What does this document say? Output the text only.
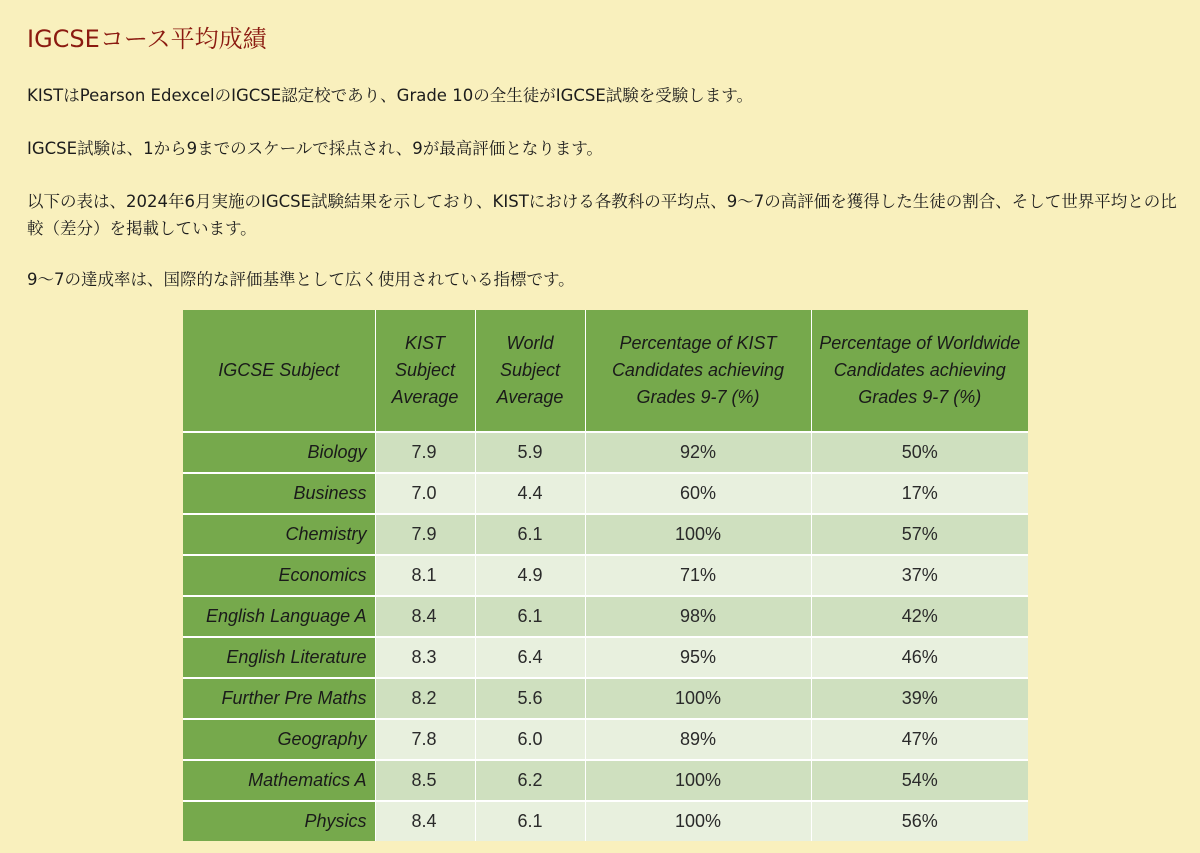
IGCSEコース平均成績

KISTはPearson EdexcelのIGCSE認定校であり、Grade 10の全生徒がIGCSE試験を受験します。

IGCSE試験は、1から9までのスケールで採点され、9が最高評価となります。

以下の表は、2024年6月実施のIGCSE試験結果を示しており、KISTにおける各教科の平均点、9〜7の高評価を獲得した生徒の割合、そして世界平均との比較（差分）を掲載しています。

9〜7の達成率は、国際的な評価基準として広く使用されている指標です。

IGCSE Subject	KIST Subject Average	World Subject Average	Percentage of KIST Candidates achieving Grades 9-7 (%)	Percentage of Worldwide Candidates achieving Grades 9-7 (%)
Biology	7.9	5.9	92%	50%
Business	7.0	4.4	60%	17%
Chemistry	7.9	6.1	100%	57%
Economics	8.1	4.9	71%	37%
English Language A	8.4	6.1	98%	42%
English Literature	8.3	6.4	95%	46%
Further Pre Maths	8.2	5.6	100%	39%
Geography	7.8	6.0	89%	47%
Mathematics A	8.5	6.2	100%	54%
Physics	8.4	6.1	100%	56%
